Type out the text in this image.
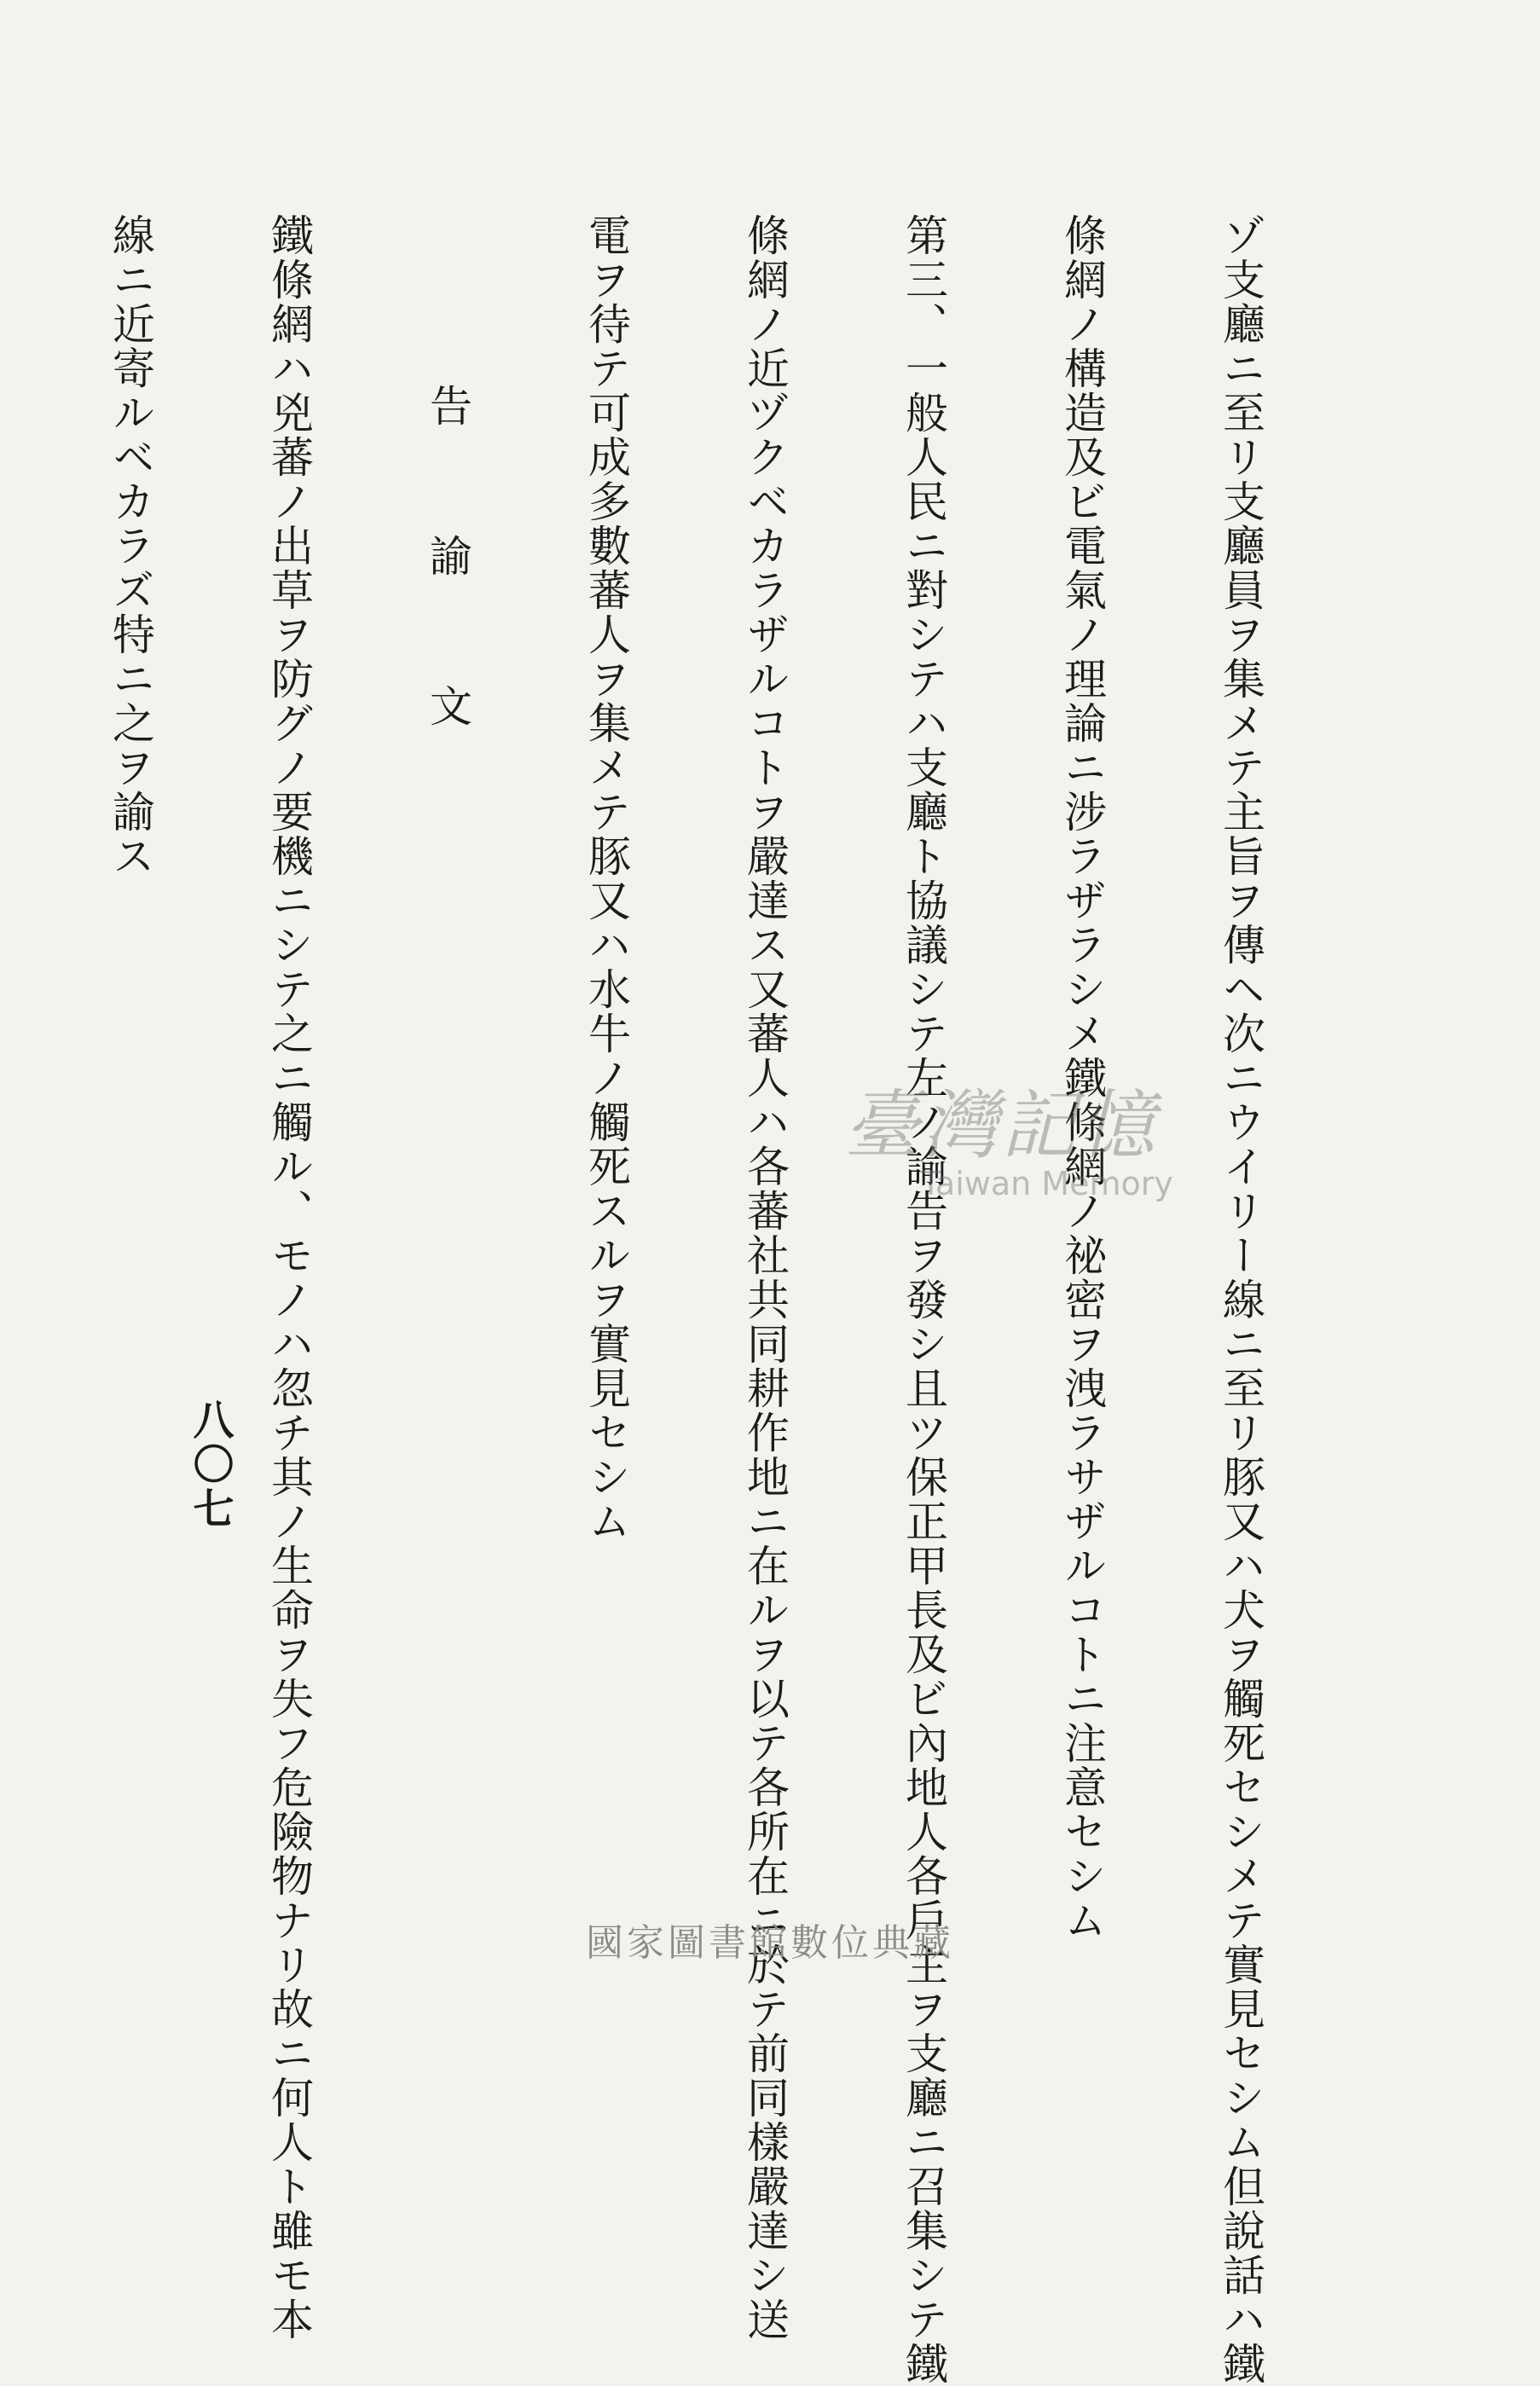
ゾ支廳ニ至リ支廳員ヲ集メテ主旨ヲ傳ヘ次ニウイリー線ニ至リ豚又ハ犬ヲ觸死セシメテ實見セシム但說話ハ鐵

條網ノ構造及ビ電氣ノ理論ニ涉ラザラシメ鐵條網ノ祕密ヲ洩ラサザルコトニ注意セシム

第三、一般人民ニ對シテハ支廳ト協議シテ左ノ諭告ヲ發シ且ツ保正甲長及ビ內地人各戶主ヲ支廳ニ召集シテ鐵

條網ノ近ヅクベカラザルコトヲ嚴達ス又蕃人ハ各蕃社共同耕作地ニ在ルヲ以テ各所在ニ於テ前同樣嚴達シ送

電ヲ待テ可成多數蕃人ヲ集メテ豚又ハ水牛ノ觸死スルヲ實見セシム

告　諭　文

鐵條網ハ兇蕃ノ出草ヲ防グノ要機ニシテ之ニ觸ル、モノハ忽チ其ノ生命ヲ失フ危險物ナリ故ニ何人ト雖モ本

線ニ近寄ルベカラズ特ニ之ヲ諭ス

臺灣記憶
Taiwan Memory
八〇七
國家圖書館數位典藏
